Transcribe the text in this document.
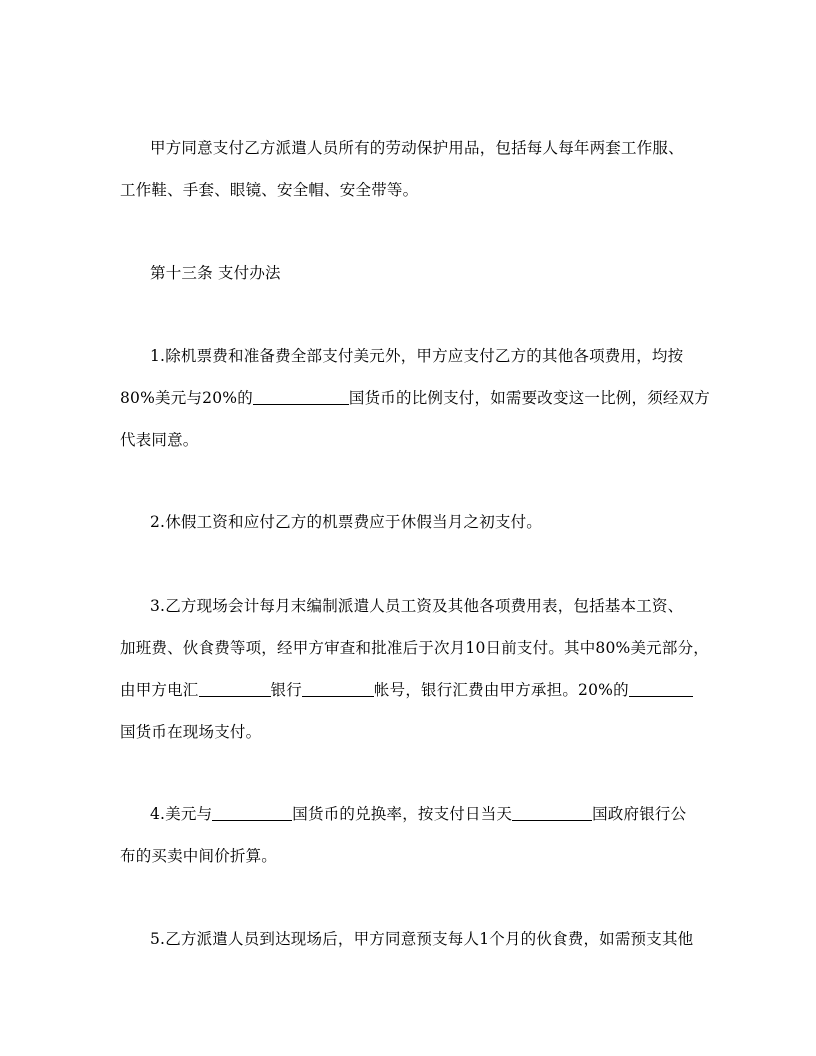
甲方同意支付乙方派遣人员所有的劳动保护用品，包括每人每年两套工作服、
工作鞋、手套、眼镜、安全帽、安全带等。
第十三条 支付办法
1.除机票费和准备费全部支付美元外，甲方应支付乙方的其他各项费用，均按
80%美元与20%的	国货币的比例支付，如需要改变这一比例，须经双方
代表同意。
2.休假工资和应付乙方的机票费应于休假当月之初支付。
3.乙方现场会计每月末编制派遣人员工资及其他各项费用表，包括基本工资、
加班费、伙食费等项，经甲方审查和批准后于次月10日前支付。其中80%美元部分，
由甲方电汇	银行	帐号，银行汇费由甲方承担。20%的
国货币在现场支付。
4.美元与	国货币的兑换率，按支付日当天	国政府银行公
布的买卖中间价折算。
5.乙方派遣人员到达现场后，甲方同意预支每人1个月的伙食费，如需预支其他
